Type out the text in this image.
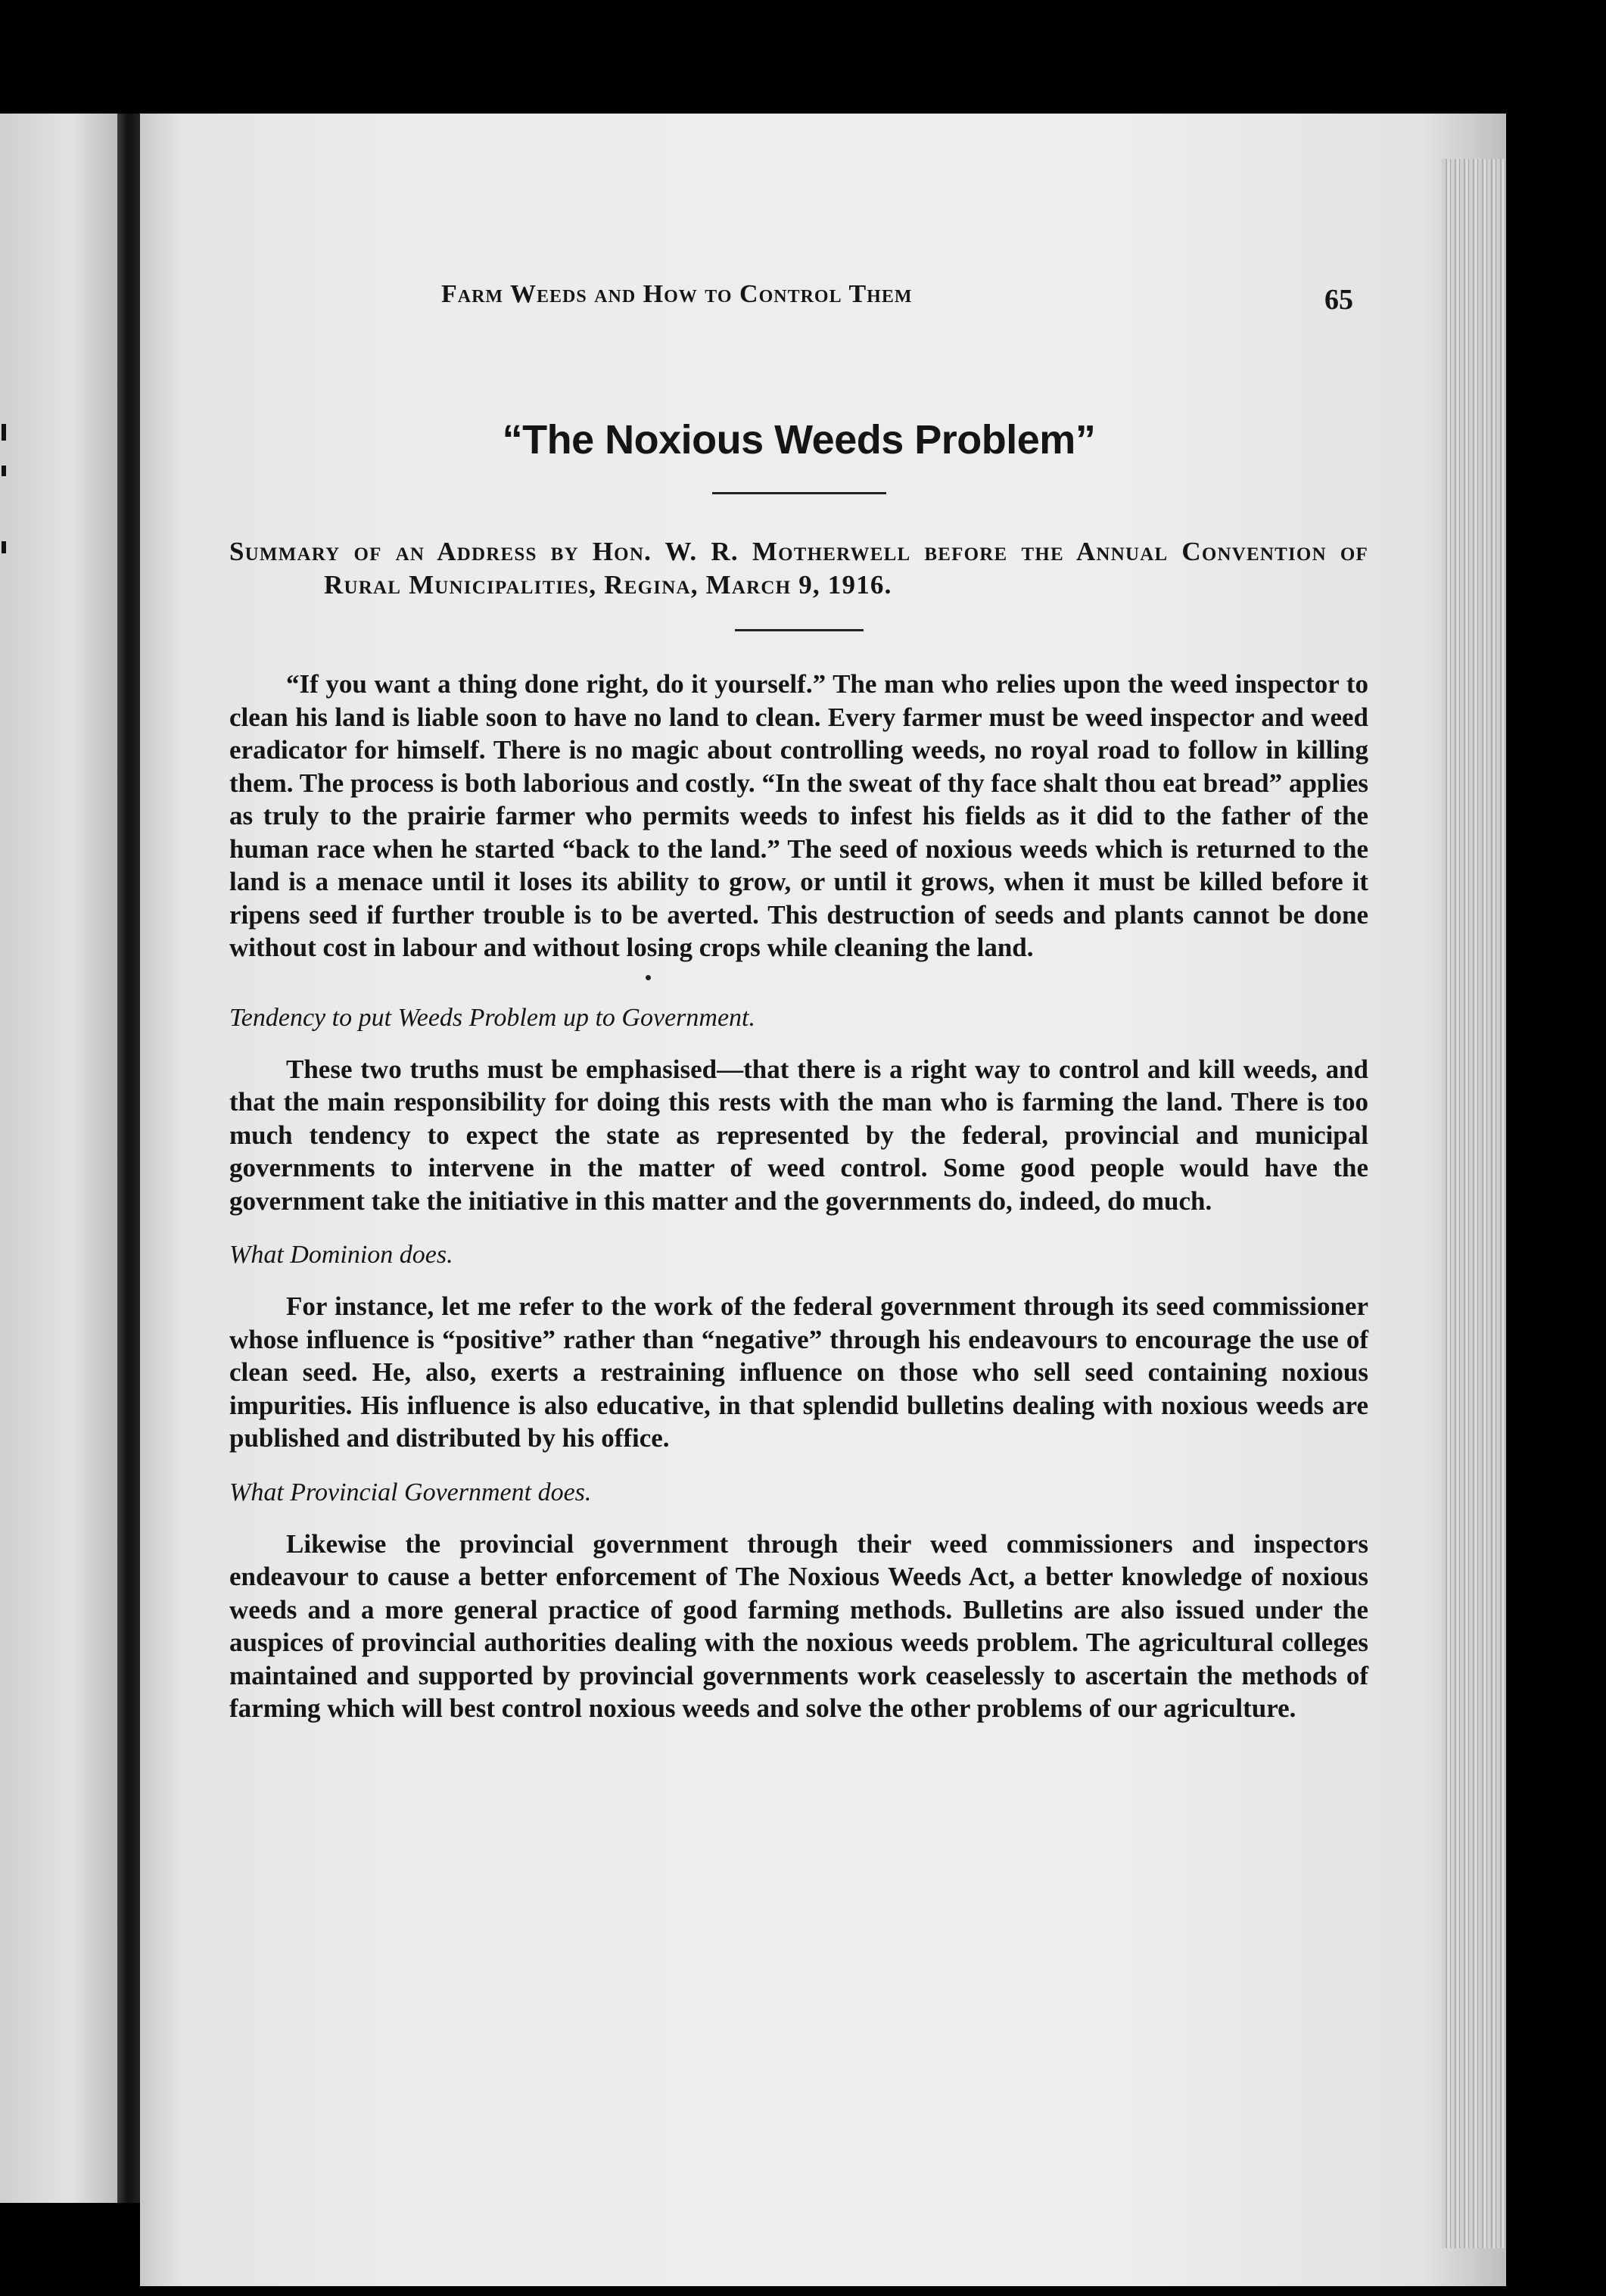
Farm Weeds and How to Control Them	65
“The Noxious Weeds Problem”
Summary of an Address by Hon. W. R. Motherwell before the Annual Convention of Rural Municipalities, Regina, March 9, 1916.

“If you want a thing done right, do it yourself.” The man who relies upon the weed inspector to clean his land is liable soon to have no land to clean. Every farmer must be weed inspector and weed eradicator for himself. There is no magic about controlling weeds, no royal road to follow in killing them. The process is both laborious and costly. “In the sweat of thy face shalt thou eat bread” applies as truly to the prairie farmer who permits weeds to infest his fields as it did to the father of the human race when he started “back to the land.” The seed of noxious weeds which is returned to the land is a menace until it loses its ability to grow, or until it grows, when it must be killed before it ripens seed if further trouble is to be averted. This destruction of seeds and plants cannot be done without cost in labour and without losing crops while cleaning the land.

Tendency to put Weeds Problem up to Government.

These two truths must be emphasised—that there is a right way to control and kill weeds, and that the main responsibility for doing this rests with the man who is farming the land. There is too much tendency to expect the state as represented by the federal, provincial and municipal governments to intervene in the matter of weed control. Some good people would have the government take the initiative in this matter and the governments do, indeed, do much.

What Dominion does.

For instance, let me refer to the work of the federal government through its seed commissioner whose influence is “positive” rather than “negative” through his endeavours to encourage the use of clean seed. He, also, exerts a restraining influence on those who sell seed containing noxious impurities. His influence is also educative, in that splendid bulletins dealing with noxious weeds are published and distributed by his office.

What Provincial Government does.

Likewise the provincial government through their weed commissioners and inspectors endeavour to cause a better enforcement of The Noxious Weeds Act, a better knowledge of noxious weeds and a more general practice of good farming methods. Bulletins are also issued under the auspices of provincial authorities dealing with the noxious weeds problem. The agricultural colleges maintained and supported by provincial governments work ceaselessly to ascertain the methods of farming which will best control noxious weeds and solve the other problems of our agriculture.
